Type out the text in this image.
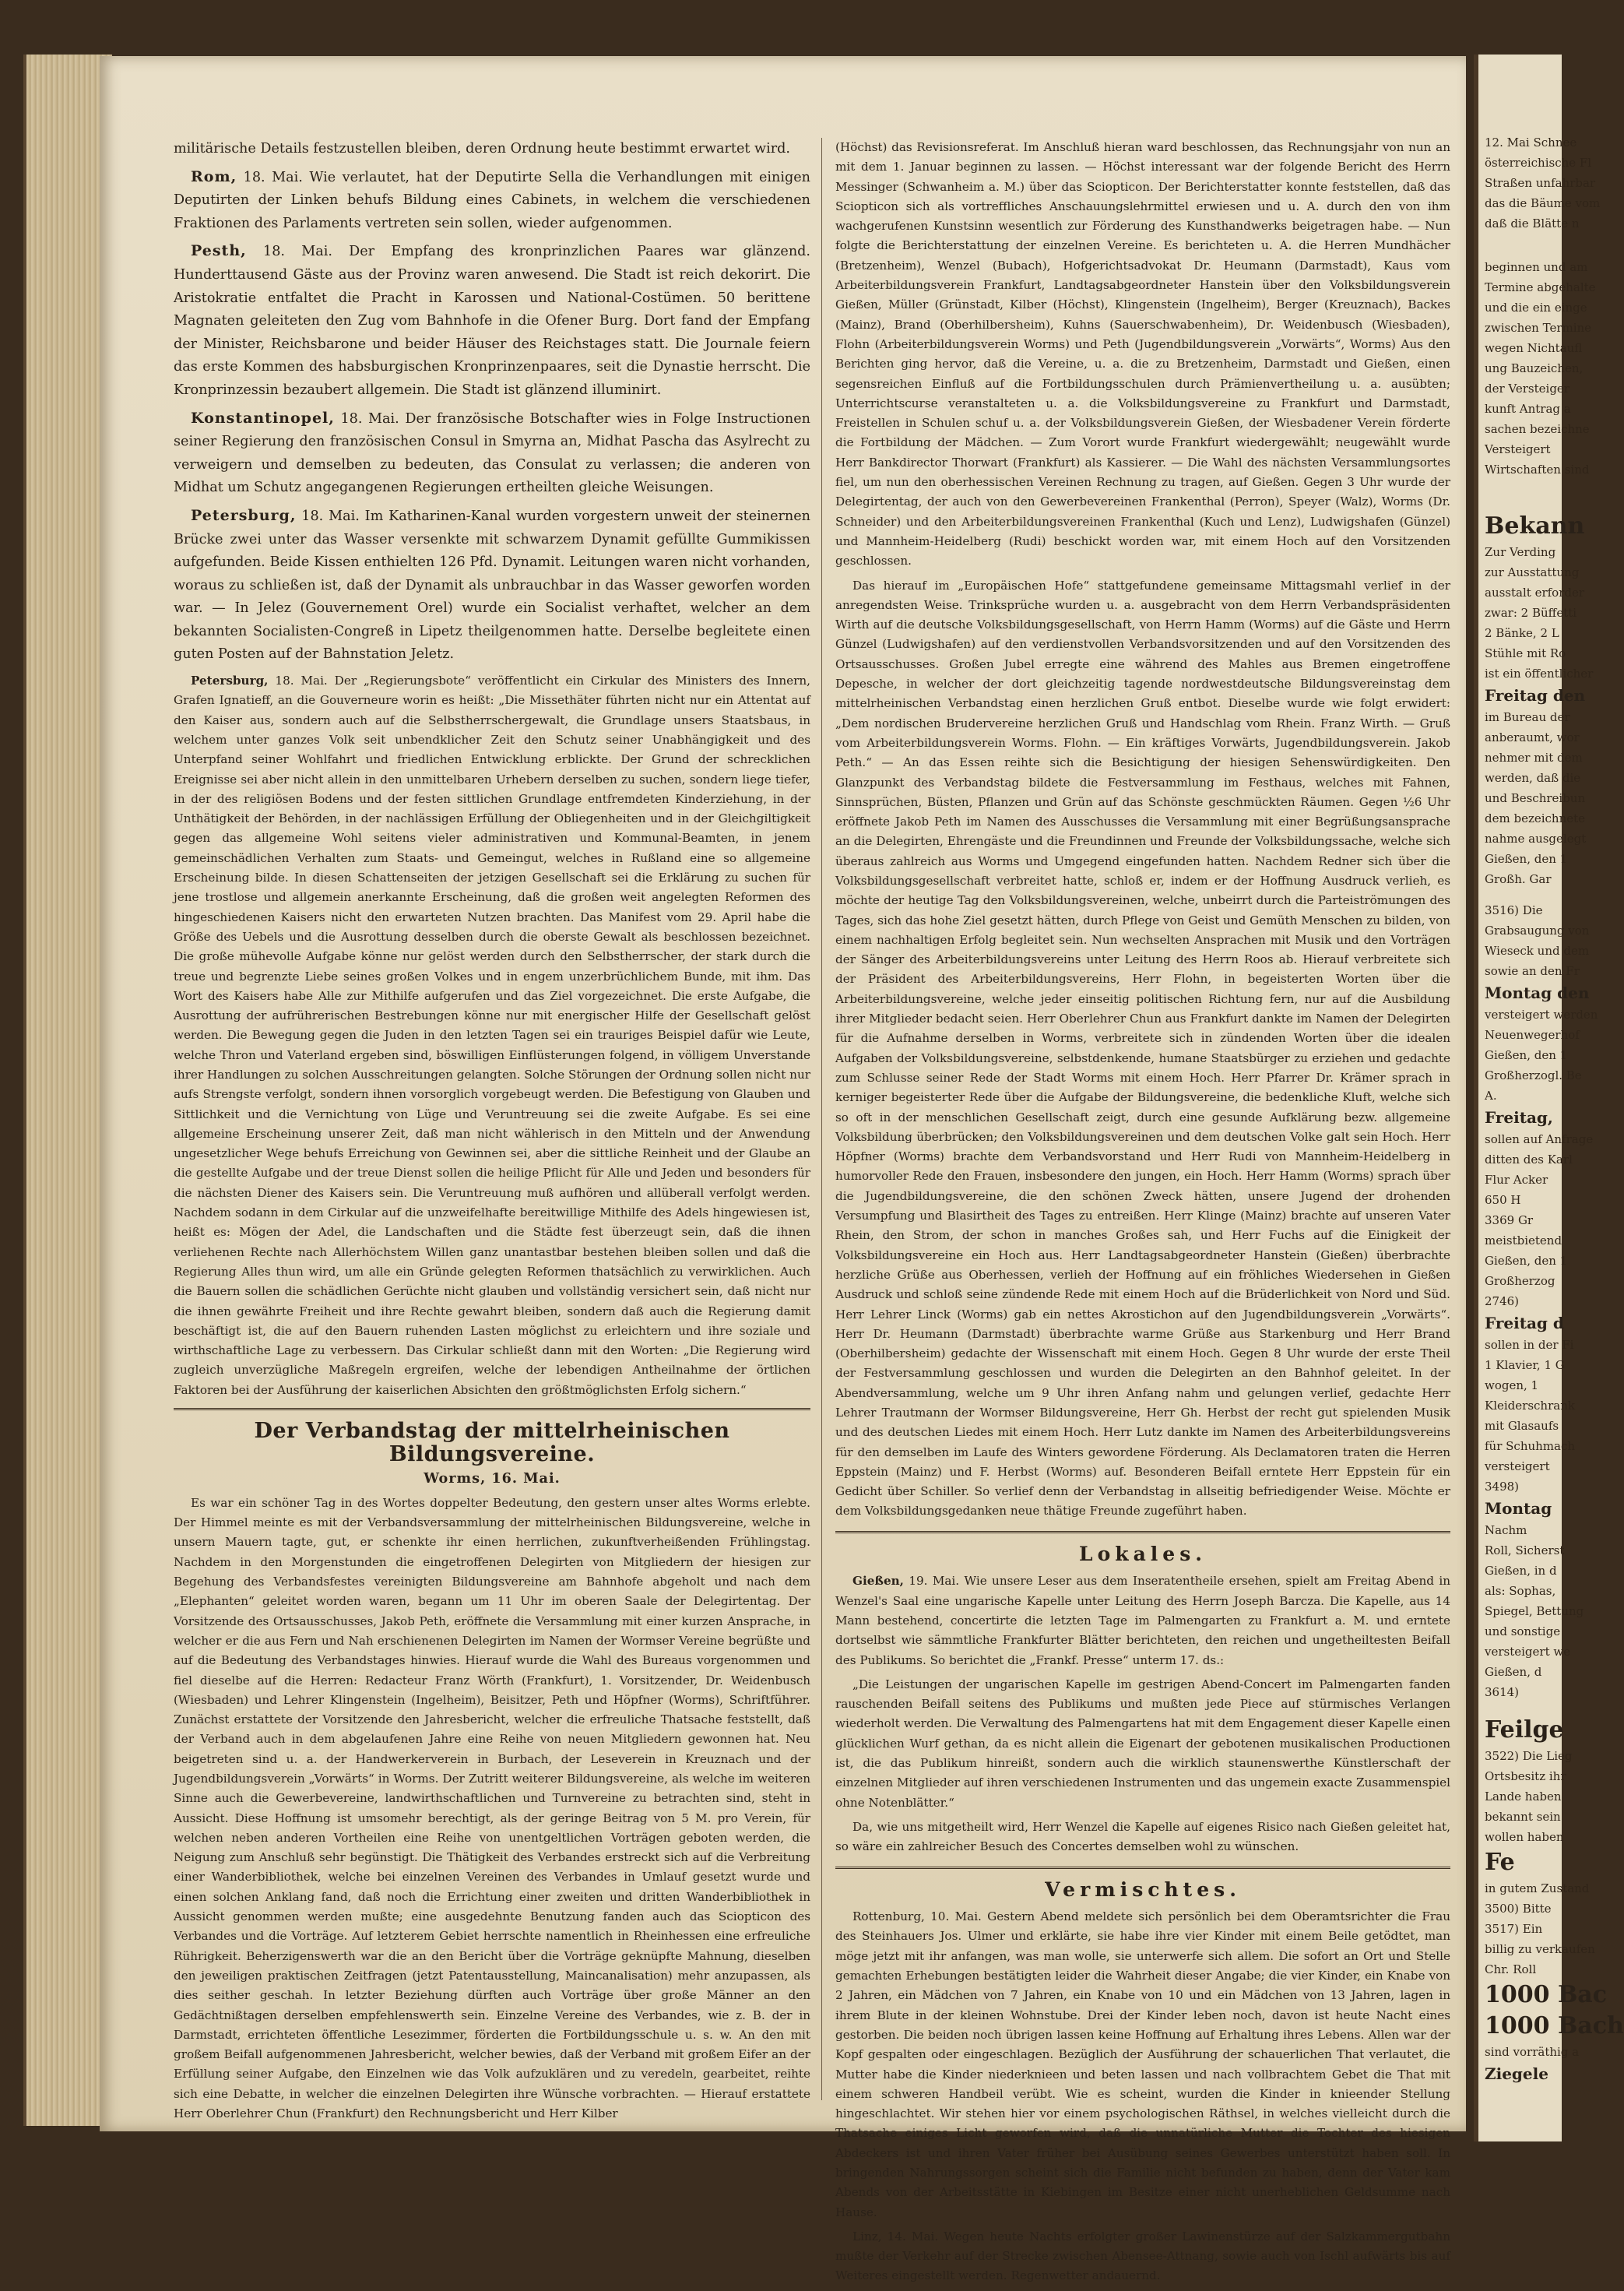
militärische Details festzustellen bleiben, deren Ordnung heute bestimmt erwartet wird.

Rom, 18. Mai. Wie verlautet, hat der Deputirte Sella die Verhandlungen mit einigen Deputirten der Linken behufs Bildung eines Cabinets, in welchem die verschiedenen Fraktionen des Parlaments vertreten sein sollen, wieder aufgenommen.

Pesth, 18. Mai. Der Empfang des kronprinzlichen Paares war glänzend. Hunderttausend Gäste aus der Provinz waren anwesend. Die Stadt ist reich dekorirt. Die Aristokratie entfaltet die Pracht in Karossen und National-Costümen. 50 berittene Magnaten geleiteten den Zug vom Bahnhofe in die Ofener Burg. Dort fand der Empfang der Minister, Reichsbarone und beider Häuser des Reichstages statt. Die Journale feiern das erste Kommen des habsburgischen Kronprinzenpaares, seit die Dynastie herrscht. Die Kronprinzessin bezaubert allgemein. Die Stadt ist glänzend illuminirt.

Konstantinopel, 18. Mai. Der französische Botschafter wies in Folge Instructionen seiner Regierung den französischen Consul in Smyrna an, Midhat Pascha das Asylrecht zu verweigern und demselben zu bedeuten, das Consulat zu verlassen; die anderen von Midhat um Schutz angegangenen Regierungen ertheilten gleiche Weisungen.

Petersburg, 18. Mai. Im Katharinen-Kanal wurden vorgestern unweit der steinernen Brücke zwei unter das Wasser versenkte mit schwarzem Dynamit gefüllte Gummikissen aufgefunden. Beide Kissen enthielten 126 Pfd. Dynamit. Leitungen waren nicht vorhanden, woraus zu schließen ist, daß der Dynamit als unbrauchbar in das Wasser geworfen worden war. — In Jelez (Gouvernement Orel) wurde ein Socialist verhaftet, welcher an dem bekannten Socialisten-Congreß in Lipetz theilgenommen hatte. Derselbe begleitete einen guten Posten auf der Bahnstation Jeletz.

Petersburg, 18. Mai. Der „Regierungsbote“ veröffentlicht ein Cirkular des Ministers des Innern, Grafen Ignatieff, an die Gouverneure worin es heißt: „Die Missethäter führten nicht nur ein Attentat auf den Kaiser aus, sondern auch auf die Selbstherrschergewalt, die Grundlage unsers Staatsbaus, in welchem unter ganzes Volk seit unbendklicher Zeit den Schutz seiner Unabhängigkeit und des Unterpfand seiner Wohlfahrt und friedlichen Entwicklung erblickte. Der Grund der schrecklichen Ereignisse sei aber nicht allein in den unmittelbaren Urhebern derselben zu suchen, sondern liege tiefer, in der des religiösen Bodens und der festen sittlichen Grundlage entfremdeten Kinderziehung, in der Unthätigkeit der Behörden, in der nachlässigen Erfüllung der Obliegenheiten und in der Gleichgiltigkeit gegen das allgemeine Wohl seitens vieler administrativen und Kommunal-Beamten, in jenem gemeinschädlichen Verhalten zum Staats- und Gemeingut, welches in Rußland eine so allgemeine Erscheinung bilde. In diesen Schattenseiten der jetzigen Gesellschaft sei die Erklärung zu suchen für jene trostlose und allgemein anerkannte Erscheinung, daß die großen weit angelegten Reformen des hingeschiedenen Kaisers nicht den erwarteten Nutzen brachten. Das Manifest vom 29. April habe die Größe des Uebels und die Ausrottung desselben durch die oberste Gewalt als beschlossen bezeichnet. Die große mühevolle Aufgabe könne nur gelöst werden durch den Selbstherrscher, der stark durch die treue und begrenzte Liebe seines großen Volkes und in engem unzerbrüchlichem Bunde, mit ihm. Das Wort des Kaisers habe Alle zur Mithilfe aufgerufen und das Ziel vorgezeichnet. Die erste Aufgabe, die Ausrottung der aufrührerischen Bestrebungen könne nur mit energischer Hilfe der Gesellschaft gelöst werden. Die Bewegung gegen die Juden in den letzten Tagen sei ein trauriges Beispiel dafür wie Leute, welche Thron und Vaterland ergeben sind, böswilligen Einflüsterungen folgend, in völligem Unverstande ihrer Handlungen zu solchen Ausschreitungen gelangten. Solche Störungen der Ordnung sollen nicht nur aufs Strengste verfolgt, sondern ihnen vorsorglich vorgebeugt werden. Die Befestigung von Glauben und Sittlichkeit und die Vernichtung von Lüge und Veruntreuung sei die zweite Aufgabe. Es sei eine allgemeine Erscheinung unserer Zeit, daß man nicht wählerisch in den Mitteln und der Anwendung ungesetzlicher Wege behufs Erreichung von Gewinnen sei, aber die sittliche Reinheit und der Glaube an die gestellte Aufgabe und der treue Dienst sollen die heilige Pflicht für Alle und Jeden und besonders für die nächsten Diener des Kaisers sein. Die Veruntreuung muß aufhören und allüberall verfolgt werden. Nachdem sodann in dem Cirkular auf die unzweifelhafte bereitwillige Mithilfe des Adels hingewiesen ist, heißt es: Mögen der Adel, die Landschaften und die Städte fest überzeugt sein, daß die ihnen verliehenen Rechte nach Allerhöchstem Willen ganz unantastbar bestehen bleiben sollen und daß die Regierung Alles thun wird, um alle ein Gründe gelegten Reformen thatsächlich zu verwirklichen. Auch die Bauern sollen die schädlichen Gerüchte nicht glauben und vollständig versichert sein, daß nicht nur die ihnen gewährte Freiheit und ihre Rechte gewahrt bleiben, sondern daß auch die Regierung damit beschäftigt ist, die auf den Bauern ruhenden Lasten möglichst zu erleichtern und ihre soziale und wirthschaftliche Lage zu verbessern. Das Cirkular schließt dann mit den Worten: „Die Regierung wird zugleich unverzügliche Maßregeln ergreifen, welche der lebendigen Antheilnahme der örtlichen Faktoren bei der Ausführung der kaiserlichen Absichten den größtmöglichsten Erfolg sichern.“

Der Verbandstag der mittelrheinischen Bildungsvereine.
Worms, 16. Mai.

Es war ein schöner Tag in des Wortes doppelter Bedeutung, den gestern unser altes Worms erlebte. Der Himmel meinte es mit der Verbandsversammlung der mittelrheinischen Bildungsvereine, welche in unsern Mauern tagte, gut, er schenkte ihr einen herrlichen, zukunftverheißenden Frühlingstag. Nachdem in den Morgenstunden die eingetroffenen Delegirten von Mitgliedern der hiesigen zur Begehung des Verbandsfestes vereinigten Bildungsvereine am Bahnhofe abgeholt und nach dem „Elephanten“ geleitet worden waren, begann um 11 Uhr im oberen Saale der Delegirtentag. Der Vorsitzende des Ortsausschusses, Jakob Peth, eröffnete die Versammlung mit einer kurzen Ansprache, in welcher er die aus Fern und Nah erschienenen Delegirten im Namen der Wormser Vereine begrüßte und auf die Bedeutung des Verbandstages hinwies. Hierauf wurde die Wahl des Bureaus vorgenommen und fiel dieselbe auf die Herren: Redacteur Franz Wörth (Frankfurt), 1. Vorsitzender, Dr. Weidenbusch (Wiesbaden) und Lehrer Klingenstein (Ingelheim), Beisitzer, Peth und Höpfner (Worms), Schriftführer. Zunächst erstattete der Vorsitzende den Jahresbericht, welcher die erfreuliche Thatsache feststellt, daß der Verband auch in dem abgelaufenen Jahre eine Reihe von neuen Mitgliedern gewonnen hat. Neu beigetreten sind u. a. der Handwerkerverein in Burbach, der Leseverein in Kreuznach und der Jugendbildungsverein „Vorwärts“ in Worms. Der Zutritt weiterer Bildungsvereine, als welche im weiteren Sinne auch die Gewerbevereine, landwirthschaftlichen und Turnvereine zu betrachten sind, steht in Aussicht. Diese Hoffnung ist umsomehr berechtigt, als der geringe Beitrag von 5 M. pro Verein, für welchen neben anderen Vortheilen eine Reihe von unentgeltlichen Vorträgen geboten werden, die Neigung zum Anschluß sehr begünstigt. Die Thätigkeit des Verbandes erstreckt sich auf die Verbreitung einer Wanderbibliothek, welche bei einzelnen Vereinen des Verbandes in Umlauf gesetzt wurde und einen solchen Anklang fand, daß noch die Errichtung einer zweiten und dritten Wanderbibliothek in Aussicht genommen werden mußte; eine ausgedehnte Benutzung fanden auch das Sciopticon des Verbandes und die Vorträge. Auf letzterem Gebiet herrschte namentlich in Rheinhessen eine erfreuliche Rührigkeit. Beherzigenswerth war die an den Bericht über die Vorträge geknüpfte Mahnung, dieselben den jeweiligen praktischen Zeitfragen (jetzt Patentausstellung, Maincanalisation) mehr anzupassen, als dies seither geschah. In letzter Beziehung dürften auch Vorträge über große Männer an den Gedächtnißtagen derselben empfehlenswerth sein. Einzelne Vereine des Verbandes, wie z. B. der in Darmstadt, errichteten öffentliche Lesezimmer, förderten die Fortbildungsschule u. s. w. An den mit großem Beifall aufgenommenen Jahresbericht, welcher bewies, daß der Verband mit großem Eifer an der Erfüllung seiner Aufgabe, den Einzelnen wie das Volk aufzuklären und zu veredeln, gearbeitet, reihte sich eine Debatte, in welcher die einzelnen Delegirten ihre Wünsche vorbrachten. — Hierauf erstattete Herr Oberlehrer Chun (Frankfurt) den Rechnungsbericht und Herr Kilber

(Höchst) das Revisionsreferat. Im Anschluß hieran ward beschlossen, das Rechnungsjahr von nun an mit dem 1. Januar beginnen zu lassen. — Höchst interessant war der folgende Bericht des Herrn Messinger (Schwanheim a. M.) über das Sciopticon. Der Berichterstatter konnte feststellen, daß das Sciopticon sich als vortreffliches Anschauungslehrmittel erwiesen und u. A. durch den von ihm wachgerufenen Kunstsinn wesentlich zur Förderung des Kunsthandwerks beigetragen habe. — Nun folgte die Berichterstattung der einzelnen Vereine. Es berichteten u. A. die Herren Mundhächer (Bretzenheim), Wenzel (Bubach), Hofgerichtsadvokat Dr. Heumann (Darmstadt), Kaus vom Arbeiterbildungsverein Frankfurt, Landtagsabgeordneter Hanstein über den Volksbildungsverein Gießen, Müller (Grünstadt, Kilber (Höchst), Klingenstein (Ingelheim), Berger (Kreuznach), Backes (Mainz), Brand (Oberhilbersheim), Kuhns (Sauerschwabenheim), Dr. Weidenbusch (Wiesbaden), Flohn (Arbeiterbildungsverein Worms) und Peth (Jugendbildungsverein „Vorwärts“, Worms) Aus den Berichten ging hervor, daß die Vereine, u. a. die zu Bretzenheim, Darmstadt und Gießen, einen segensreichen Einfluß auf die Fortbildungsschulen durch Prämienvertheilung u. a. ausübten; Unterrichtscurse veranstalteten u. a. die Volksbildungsvereine zu Frankfurt und Darmstadt, Freistellen in Schulen schuf u. a. der Volksbildungsverein Gießen, der Wiesbadener Verein förderte die Fortbildung der Mädchen. — Zum Vorort wurde Frankfurt wiedergewählt; neugewählt wurde Herr Bankdirector Thorwart (Frankfurt) als Kassierer. — Die Wahl des nächsten Versammlungsortes fiel, um nun den oberhessischen Vereinen Rechnung zu tragen, auf Gießen. Gegen 3 Uhr wurde der Delegirtentag, der auch von den Gewerbevereinen Frankenthal (Perron), Speyer (Walz), Worms (Dr. Schneider) und den Arbeiterbildungsvereinen Frankenthal (Kuch und Lenz), Ludwigshafen (Günzel) und Mannheim-Heidelberg (Rudi) beschickt worden war, mit einem Hoch auf den Vorsitzenden geschlossen.

Das hierauf im „Europäischen Hofe“ stattgefundene gemeinsame Mittagsmahl verlief in der anregendsten Weise. Trinksprüche wurden u. a. ausgebracht von dem Herrn Verbandspräsidenten Wirth auf die deutsche Volksbildungsgesellschaft, von Herrn Hamm (Worms) auf die Gäste und Herrn Günzel (Ludwigshafen) auf den verdienstvollen Verbandsvorsitzenden und auf den Vorsitzenden des Ortsausschusses. Großen Jubel erregte eine während des Mahles aus Bremen eingetroffene Depesche, in welcher der dort gleichzeitig tagende nordwestdeutsche Bildungsvereinstag dem mittelrheinischen Verbandstag einen herzlichen Gruß entbot. Dieselbe wurde wie folgt erwidert: „Dem nordischen Brudervereine herzlichen Gruß und Handschlag vom Rhein. Franz Wirth. — Gruß vom Arbeiterbildungsverein Worms. Flohn. — Ein kräftiges Vorwärts, Jugendbildungsverein. Jakob Peth.“ — An das Essen reihte sich die Besichtigung der hiesigen Sehenswürdigkeiten. Den Glanzpunkt des Verbandstag bildete die Festversammlung im Festhaus, welches mit Fahnen, Sinnsprüchen, Büsten, Pflanzen und Grün auf das Schönste geschmückten Räumen. Gegen ½6 Uhr eröffnete Jakob Peth im Namen des Ausschusses die Versammlung mit einer Begrüßungsansprache an die Delegirten, Ehrengäste und die Freundinnen und Freunde der Volksbildungssache, welche sich überaus zahlreich aus Worms und Umgegend eingefunden hatten. Nachdem Redner sich über die Volksbildungsgesellschaft verbreitet hatte, schloß er, indem er der Hoffnung Ausdruck verlieh, es möchte der heutige Tag den Volksbildungsvereinen, welche, unbeirrt durch die Parteiströmungen des Tages, sich das hohe Ziel gesetzt hätten, durch Pflege von Geist und Gemüth Menschen zu bilden, von einem nachhaltigen Erfolg begleitet sein. Nun wechselten Ansprachen mit Musik und den Vorträgen der Sänger des Arbeiterbildungsvereins unter Leitung des Herrn Roos ab. Hierauf verbreitete sich der Präsident des Arbeiterbildungsvereins, Herr Flohn, in begeisterten Worten über die Arbeiterbildungsvereine, welche jeder einseitig politischen Richtung fern, nur auf die Ausbildung ihrer Mitglieder bedacht seien. Herr Oberlehrer Chun aus Frankfurt dankte im Namen der Delegirten für die Aufnahme derselben in Worms, verbreitete sich in zündenden Worten über die idealen Aufgaben der Volksbildungsvereine, selbstdenkende, humane Staatsbürger zu erziehen und gedachte zum Schlusse seiner Rede der Stadt Worms mit einem Hoch. Herr Pfarrer Dr. Krämer sprach in kerniger begeisterter Rede über die Aufgabe der Bildungsvereine, die bedenkliche Kluft, welche sich so oft in der menschlichen Gesellschaft zeigt, durch eine gesunde Aufklärung bezw. allgemeine Volksbildung überbrücken; den Volksbildungsvereinen und dem deutschen Volke galt sein Hoch. Herr Höpfner (Worms) brachte dem Verbandsvorstand und Herr Rudi von Mannheim-Heidelberg in humorvoller Rede den Frauen, insbesondere den jungen, ein Hoch. Herr Hamm (Worms) sprach über die Jugendbildungsvereine, die den schönen Zweck hätten, unsere Jugend der drohenden Versumpfung und Blasirtheit des Tages zu entreißen. Herr Klinge (Mainz) brachte auf unseren Vater Rhein, den Strom, der schon in manches Großes sah, und Herr Fuchs auf die Einigkeit der Volksbildungsvereine ein Hoch aus. Herr Landtagsabgeordneter Hanstein (Gießen) überbrachte herzliche Grüße aus Oberhessen, verlieh der Hoffnung auf ein fröhliches Wiedersehen in Gießen Ausdruck und schloß seine zündende Rede mit einem Hoch auf die Brüderlichkeit von Nord und Süd. Herr Lehrer Linck (Worms) gab ein nettes Akrostichon auf den Jugendbildungsverein „Vorwärts“. Herr Dr. Heumann (Darmstadt) überbrachte warme Grüße aus Starkenburg und Herr Brand (Oberhilbersheim) gedachte der Wissenschaft mit einem Hoch. Gegen 8 Uhr wurde der erste Theil der Festversammlung geschlossen und wurden die Delegirten an den Bahnhof geleitet. In der Abendversammlung, welche um 9 Uhr ihren Anfang nahm und gelungen verlief, gedachte Herr Lehrer Trautmann der Wormser Bildungsvereine, Herr Gh. Herbst der recht gut spielenden Musik und des deutschen Liedes mit einem Hoch. Herr Lutz dankte im Namen des Arbeiterbildungsvereins für den demselben im Laufe des Winters gewordene Förderung. Als Declamatoren traten die Herren Eppstein (Mainz) und F. Herbst (Worms) auf. Besonderen Beifall erntete Herr Eppstein für ein Gedicht über Schiller. So verlief denn der Verbandstag in allseitig befriedigender Weise. Möchte er dem Volksbildungsgedanken neue thätige Freunde zugeführt haben.

Lokales.

Gießen, 19. Mai. Wie unsere Leser aus dem Inseratentheile ersehen, spielt am Freitag Abend in Wenzel's Saal eine ungarische Kapelle unter Leitung des Herrn Joseph Barcza. Die Kapelle, aus 14 Mann bestehend, concertirte die letzten Tage im Palmengarten zu Frankfurt a. M. und erntete dortselbst wie sämmtliche Frankfurter Blätter berichteten, den reichen und ungetheiltesten Beifall des Publikums. So berichtet die „Frankf. Presse“ unterm 17. ds.:

„Die Leistungen der ungarischen Kapelle im gestrigen Abend-Concert im Palmengarten fanden rauschenden Beifall seitens des Publikums und mußten jede Piece auf stürmisches Verlangen wiederholt werden. Die Verwaltung des Palmengartens hat mit dem Engagement dieser Kapelle einen glücklichen Wurf gethan, da es nicht allein die Eigenart der gebotenen musikalischen Productionen ist, die das Publikum hinreißt, sondern auch die wirklich staunenswerthe Künstlerschaft der einzelnen Mitglieder auf ihren verschiedenen Instrumenten und das ungemein exacte Zusammenspiel ohne Notenblätter.“

Da, wie uns mitgetheilt wird, Herr Wenzel die Kapelle auf eigenes Risico nach Gießen geleitet hat, so wäre ein zahlreicher Besuch des Concertes demselben wohl zu wünschen.

Vermischtes.

Rottenburg, 10. Mai. Gestern Abend meldete sich persönlich bei dem Oberamtsrichter die Frau des Steinhauers Jos. Ulmer und erklärte, sie habe ihre vier Kinder mit einem Beile getödtet, man möge jetzt mit ihr anfangen, was man wolle, sie unterwerfe sich allem. Die sofort an Ort und Stelle gemachten Erhebungen bestätigten leider die Wahrheit dieser Angabe; die vier Kinder, ein Knabe von 2 Jahren, ein Mädchen von 7 Jahren, ein Knabe von 10 und ein Mädchen von 13 Jahren, lagen in ihrem Blute in der kleinen Wohnstube. Drei der Kinder leben noch, davon ist heute Nacht eines gestorben. Die beiden noch übrigen lassen keine Hoffnung auf Erhaltung ihres Lebens. Allen war der Kopf gespalten oder eingeschlagen. Bezüglich der Ausführung der schauerlichen That verlautet, die Mutter habe die Kinder niederknieen und beten lassen und nach vollbrachtem Gebet die That mit einem schweren Handbeil verübt. Wie es scheint, wurden die Kinder in knieender Stellung hingeschlachtet. Wir stehen hier vor einem psychologischen Räthsel, in welches vielleicht durch die Thatsache einiges Licht geworfen wird, daß die unnatürliche Mutter die Tochter des hiesigen Abdeckers ist und ihren Vater früher bei Ausübung seines Gewerbes unterstützt haben soll. In bringenden Nahrungssorgen scheint sich die Familie nicht befunden zu haben, denn der Vater kam Abends von der Arbeitsstätte in Kiebingen im Besitze einer nicht unerheblichen Geldsumme nach Hause.

Linz, 14. Mai. Wegen heute Nachts erfolgter großer Lawinenstürze auf der Salzkammergutbahn mußte der Verkehr auf der Strecke zwischen Abensee-Attnang, sowie auch von Ischl aufwärts bis auf Weiteres eingestellt werden. Regenwetter andauernd.

12. Mai Schnee
österreichische Fl
Straßen unfahrbar
das die Bäume vom
daß die Blätte n
beginnen und am
Termine abgehalte
und die ein einge
zwischen Termine
wegen Nichtaufl
ung Bauzeichen,
der Versteiger
kunft Antrag a
sachen bezeichne
Versteigert
Wirtschaften sind
Bekann
Zur Verding
zur Ausstattung
ausstalt erforder
zwar: 2 Büffetti
2 Bänke, 2 L
Stühle mit Ro
ist ein öffentlicher
Freitag den
im Bureau der
anberaumt, wor
nehmer mit dem
werden, daß die
und Beschreibun
dem bezeichnete
nahme ausgelegt
Gießen, den 1
Großh. Gar
3516) Die
Grabsaugung von
Wieseck und dem
sowie an den Fr
Montag den
versteigert werden
Neuenwegerhof
Gießen, den 1
Großherzogl. Be
A.
Freitag,
sollen auf Anfrage
ditten des Karl
Flur Acker
650 H
3369 Gr
meistbietend
Gießen, den 1
Großherzog
2746)
Freitag d
sollen in der Fi
1 Klavier, 1 G
wogen, 1
Kleiderschrank
mit Glasaufs
für Schuhmach
versteigert
3498)
Montag
Nachm
Roll, Sicherst
Gießen, in d
als: Sophas,
Spiegel, Bettung
und sonstige
versteigert we
Gießen, d
3614)
Feilge
3522) Die Lieg
Ortsbesitz ihr
Lande haben
bekannt sein
wollen haben
Fe
in gutem Zustand
3500) Bitte
3517) Ein
billig zu verkaufen
Chr. Roll
1000 Bac
1000 Bach
sind vorräthig a
Ziegele
